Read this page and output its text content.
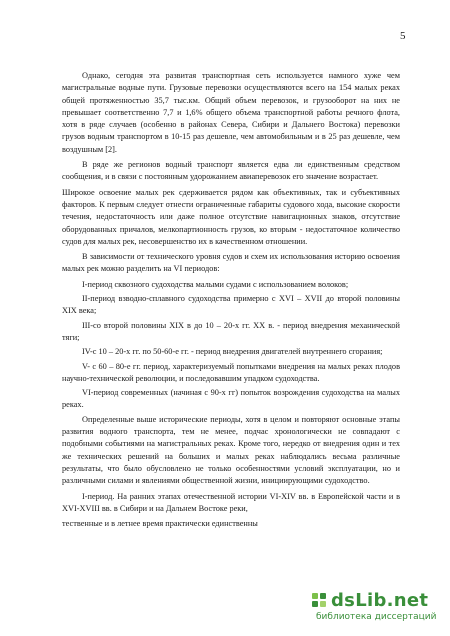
5

Однако, сегодня эта развитая транспортная сеть используется намного хуже чем магистральные водные пути. Грузовые перевозки осуществляются всего на 154 малых реках общей протяженностью 35,7 тыс.км. Общий объем перевозок, и грузооборот на них не превышает соответственно 7,7 и 1,6% общего объема транспортной работы речного флота, хотя в ряде случаев (особенно в районах Севера, Сибири и Дальнего Востока) перевозки грузов водным транспортом в 10-15 раз дешевле, чем автомобильным и в 25 раз дешевле, чем воздушным [2].

В ряде же регионов водный транспорт является едва ли единственным средством сообщения, и в связи с постоянным удорожанием авиаперевозок его значение возрастает.

Широкое освоение малых рек сдерживается рядом как объективных, так и субъективных факторов. К первым следует отнести ограниченные габариты судового хода, высокие скорости течения, недостаточность или даже полное отсутствие навигационных знаков, отсутствие оборудованных причалов, мелкопартионность грузов, ко вторым - недостаточное количество судов для малых рек, несовершенство их в качественном отношении.

В зависимости от технического уровня судов и схем их использования историю освоения малых рек можно разделить на VI периодов:

I-период сквозного судоходства малыми судами с использованием волоков;

II-период взводно-сплавного судоходства примерно с XVI – XVII до второй половины XIX века;

III-со второй половины XIX в до 10 – 20-х гг. XX в. - период внедрения механической тяги;

IV-с 10 – 20-х гг. по 50-60-е гг. - период внедрения двигателей внутреннего сгорания;

V- с 60 – 80-е гг. период, характеризуемый попытками внедрения на малых реках плодов научно-технической революции, и последовавшим упадком судоходства.

VI-период современных (начиная с 90-х гг) попыток возрождения судоходства на малых реках.

Определенные выше исторические периоды, хотя в целом и повторяют основные этапы развития водного транспорта, тем не менее, подчас хронологически не совпадают с подобными событиями на магистральных реках. Кроме того, нередко от внедрения один и тех же технических решений на больших и малых реках наблюдались весьма различные результаты, что было обусловлено не только особенностями условий эксплуатации, но и различными силами и явлениями общественной жизни, инициирующими судоходство.

I-период. На ранних этапах отечественной истории VI-XIV вв. в Европейской части и в XVI-XVIII вв. в Сибири и на Дальнем Востоке реки,

тественные и в летнее время практически единственны

dsLib.net
библиотека диссертаций
